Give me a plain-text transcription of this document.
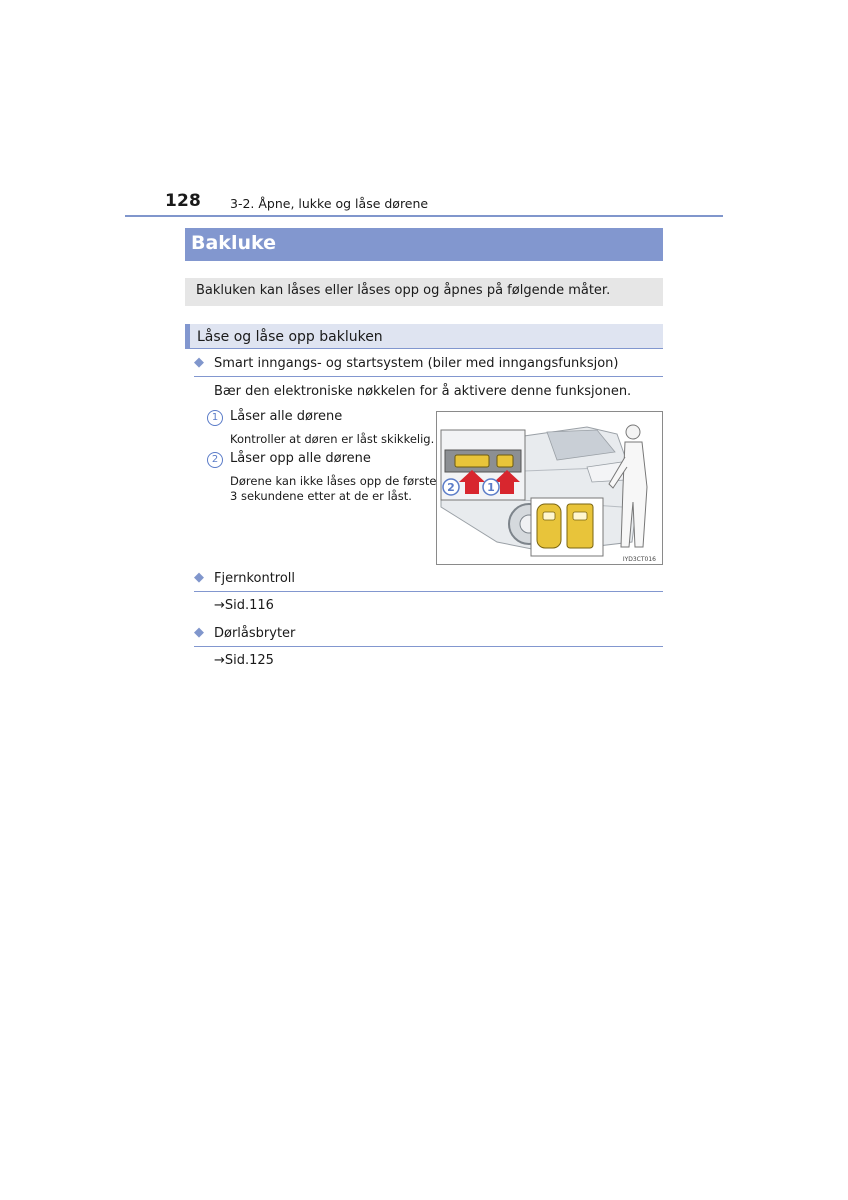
128 3-2. Åpne, lukke og låse dørene
Bakluke
Bakluken kan låses eller låses opp og åpnes på følgende måter.
Låse og låse opp bakluken
◆ Smart inngangs- og startsystem (biler med inngangsfunksjon)
Bær den elektroniske nøkkelen for å aktivere denne funksjonen.
1 Låser alle dørene
Kontroller at døren er låst skikkelig.
2 Låser opp alle dørene
Dørene kan ikke låses opp de første
3 sekundene etter at de er låst.
2	1
IYD3CT016
◆ Fjernkontroll
→Sid.116
◆ Dørlåsbryter
→Sid.125
